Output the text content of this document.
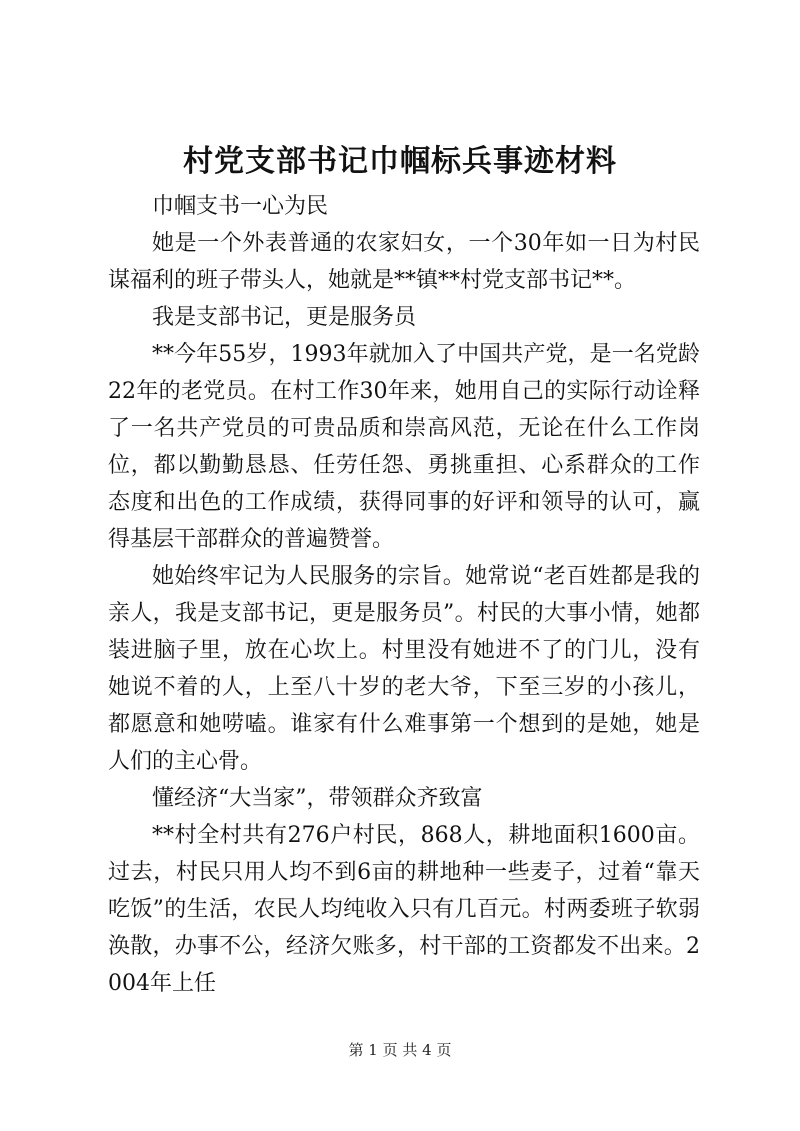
村党支部书记巾帼标兵事迹材料

巾帼支书一心为民

她是一个外表普通的农家妇女，一个30年如一日为村民谋福利的班子带头人，她就是**镇**村党支部书记**。

我是支部书记，更是服务员

**今年55岁，1993年就加入了中国共产党，是一名党龄22年的老党员。在村工作30年来，她用自己的实际行动诠释了一名共产党员的可贵品质和崇高风范，无论在什么工作岗位，都以勤勤恳恳、任劳任怨、勇挑重担、心系群众的工作态度和出色的工作成绩，获得同事的好评和领导的认可，赢得基层干部群众的普遍赞誉。

她始终牢记为人民服务的宗旨。她常说“老百姓都是我的亲人，我是支部书记，更是服务员”。村民的大事小情，她都装进脑子里，放在心坎上。村里没有她进不了的门儿，没有她说不着的人，上至八十岁的老大爷，下至三岁的小孩儿，都愿意和她唠嗑。谁家有什么难事第一个想到的是她，她是人们的主心骨。

懂经济“大当家”，带领群众齐致富

**村全村共有276户村民，868人，耕地面积1600亩。过去，村民只用人均不到6亩的耕地种一些麦子，过着“靠天吃饭”的生活，农民人均纯收入只有几百元。村两委班子软弱涣散，办事不公，经济欠账多，村干部的工资都发不出来。2004年上任

第 1 页 共 4 页
